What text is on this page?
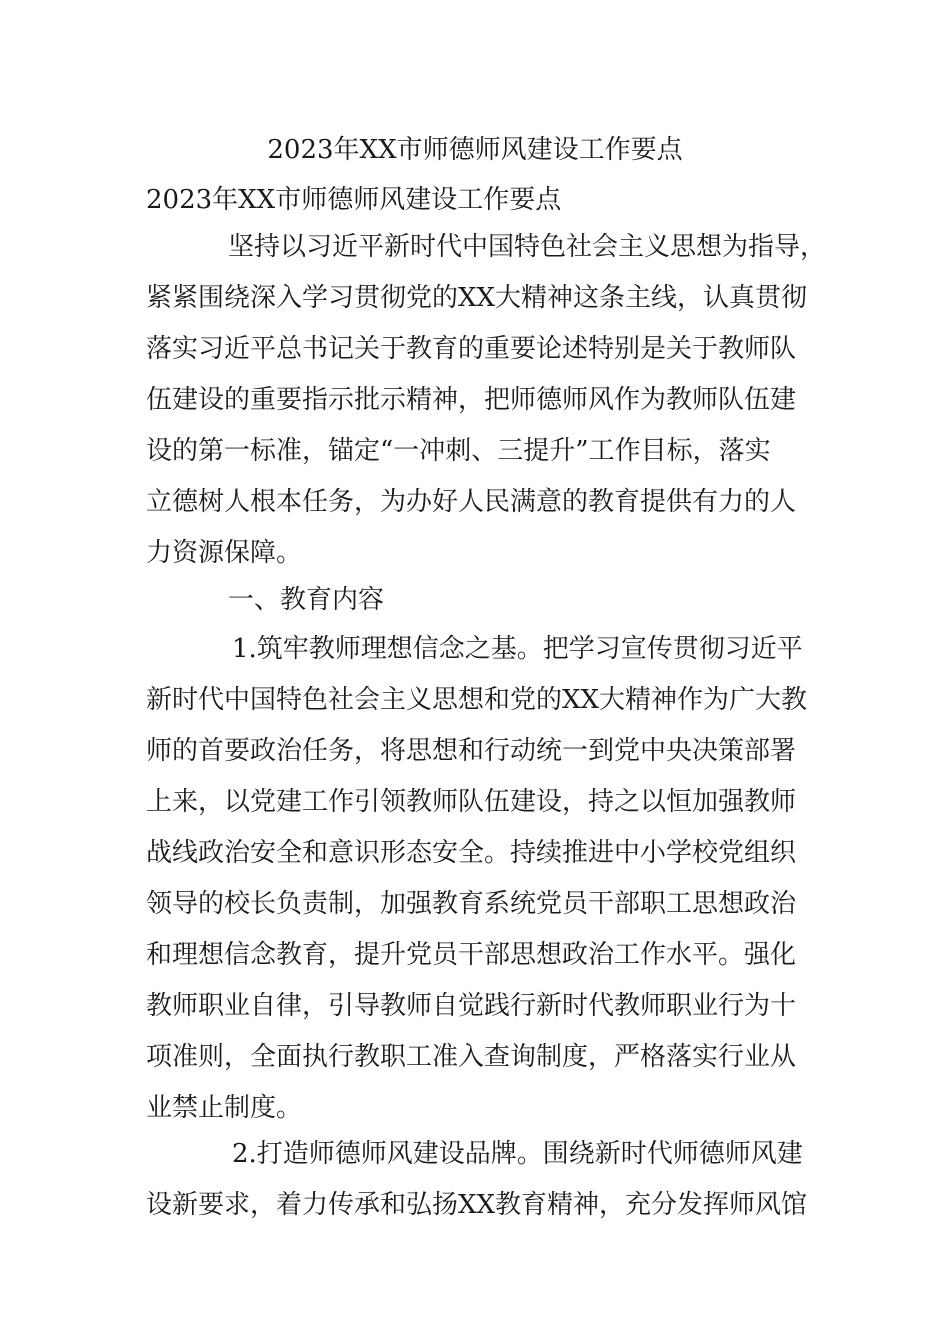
2023年XX市师德师风建设工作要点
2023年XX市师德师风建设工作要点
坚持以习近平新时代中国特色社会主义思想为指导，
紧紧围绕深入学习贯彻党的XX大精神这条主线，认真贯彻
落实习近平总书记关于教育的重要论述特别是关于教师队
伍建设的重要指示批示精神，把师德师风作为教师队伍建
设的第一标准，锚定“一冲刺、三提升”工作目标，落实
立德树人根本任务，为办好人民满意的教育提供有力的人
力资源保障。
一、教育内容
1.筑牢教师理想信念之基。把学习宣传贯彻习近平
新时代中国特色社会主义思想和党的XX大精神作为广大教
师的首要政治任务，将思想和行动统一到党中央决策部署
上来，以党建工作引领教师队伍建设，持之以恒加强教师
战线政治安全和意识形态安全。持续推进中小学校党组织
领导的校长负责制，加强教育系统党员干部职工思想政治
和理想信念教育，提升党员干部思想政治工作水平。强化
教师职业自律，引导教师自觉践行新时代教师职业行为十
项准则，全面执行教职工准入查询制度，严格落实行业从
业禁止制度。
2.打造师德师风建设品牌。围绕新时代师德师风建
设新要求，着力传承和弘扬XX教育精神，充分发挥师风馆
